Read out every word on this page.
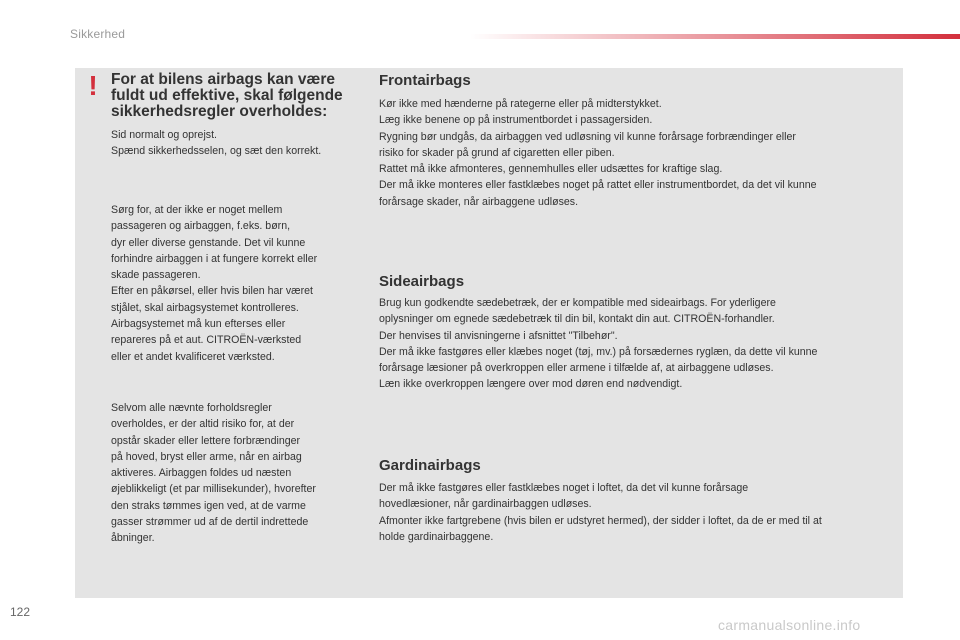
Sikkerhed
! For at bilens airbags kan være fuldt ud effektive, skal følgende sikkerhedsregler overholdes:

Sid normalt og oprejst.
Spænd sikkerhedsselen, og sæt den korrekt.

Sørg for, at der ikke er noget mellem
passageren og airbaggen, f.eks. børn,
dyr eller diverse genstande. Det vil kunne
forhindre airbaggen i at fungere korrekt eller
skade passageren.
Efter en påkørsel, eller hvis bilen har været
stjålet, skal airbagsystemet kontrolleres.
Airbagsystemet må kun efterses eller
repareres på et aut. CITROËN-værksted
eller et andet kvalificeret værksted.

Selvom alle nævnte forholdsregler
overholdes, er der altid risiko for, at der
opstår skader eller lettere forbrændinger
på hoved, bryst eller arme, når en airbag
aktiveres. Airbaggen foldes ud næsten
øjeblikkeligt (et par millisekunder), hvorefter
den straks tømmes igen ved, at de varme
gasser strømmer ud af de dertil indrettede
åbninger.

Frontairbags

Kør ikke med hænderne på rategerne eller på midterstykket.
Læg ikke benene op på instrumentbordet i passagersiden.
Rygning bør undgås, da airbaggen ved udløsning vil kunne forårsage forbrændinger eller
risiko for skader på grund af cigaretten eller piben.
Rattet må ikke afmonteres, gennemhulles eller udsættes for kraftige slag.
Der må ikke monteres eller fastklæbes noget på rattet eller instrumentbordet, da det vil kunne
forårsage skader, når airbaggene udløses.

Sideairbags

Brug kun godkendte sædebetræk, der er kompatible med sideairbags. For yderligere
oplysninger om egnede sædebetræk til din bil, kontakt din aut. CITROËN-forhandler.
Der henvises til anvisningerne i afsnittet "Tilbehør".
Der må ikke fastgøres eller klæbes noget (tøj, mv.) på forsædernes ryglæn, da dette vil kunne
forårsage læsioner på overkroppen eller armene i tilfælde af, at airbaggene udløses.
Læn ikke overkroppen længere over mod døren end nødvendigt.

Gardinairbags

Der må ikke fastgøres eller fastklæbes noget i loftet, da det vil kunne forårsage
hovedlæsioner, når gardinairbaggen udløses.
Afmonter ikke fartgrebene (hvis bilen er udstyret hermed), der sidder i loftet, da de er med til at
holde gardinairbaggene.

122
carmanualsonline.info
